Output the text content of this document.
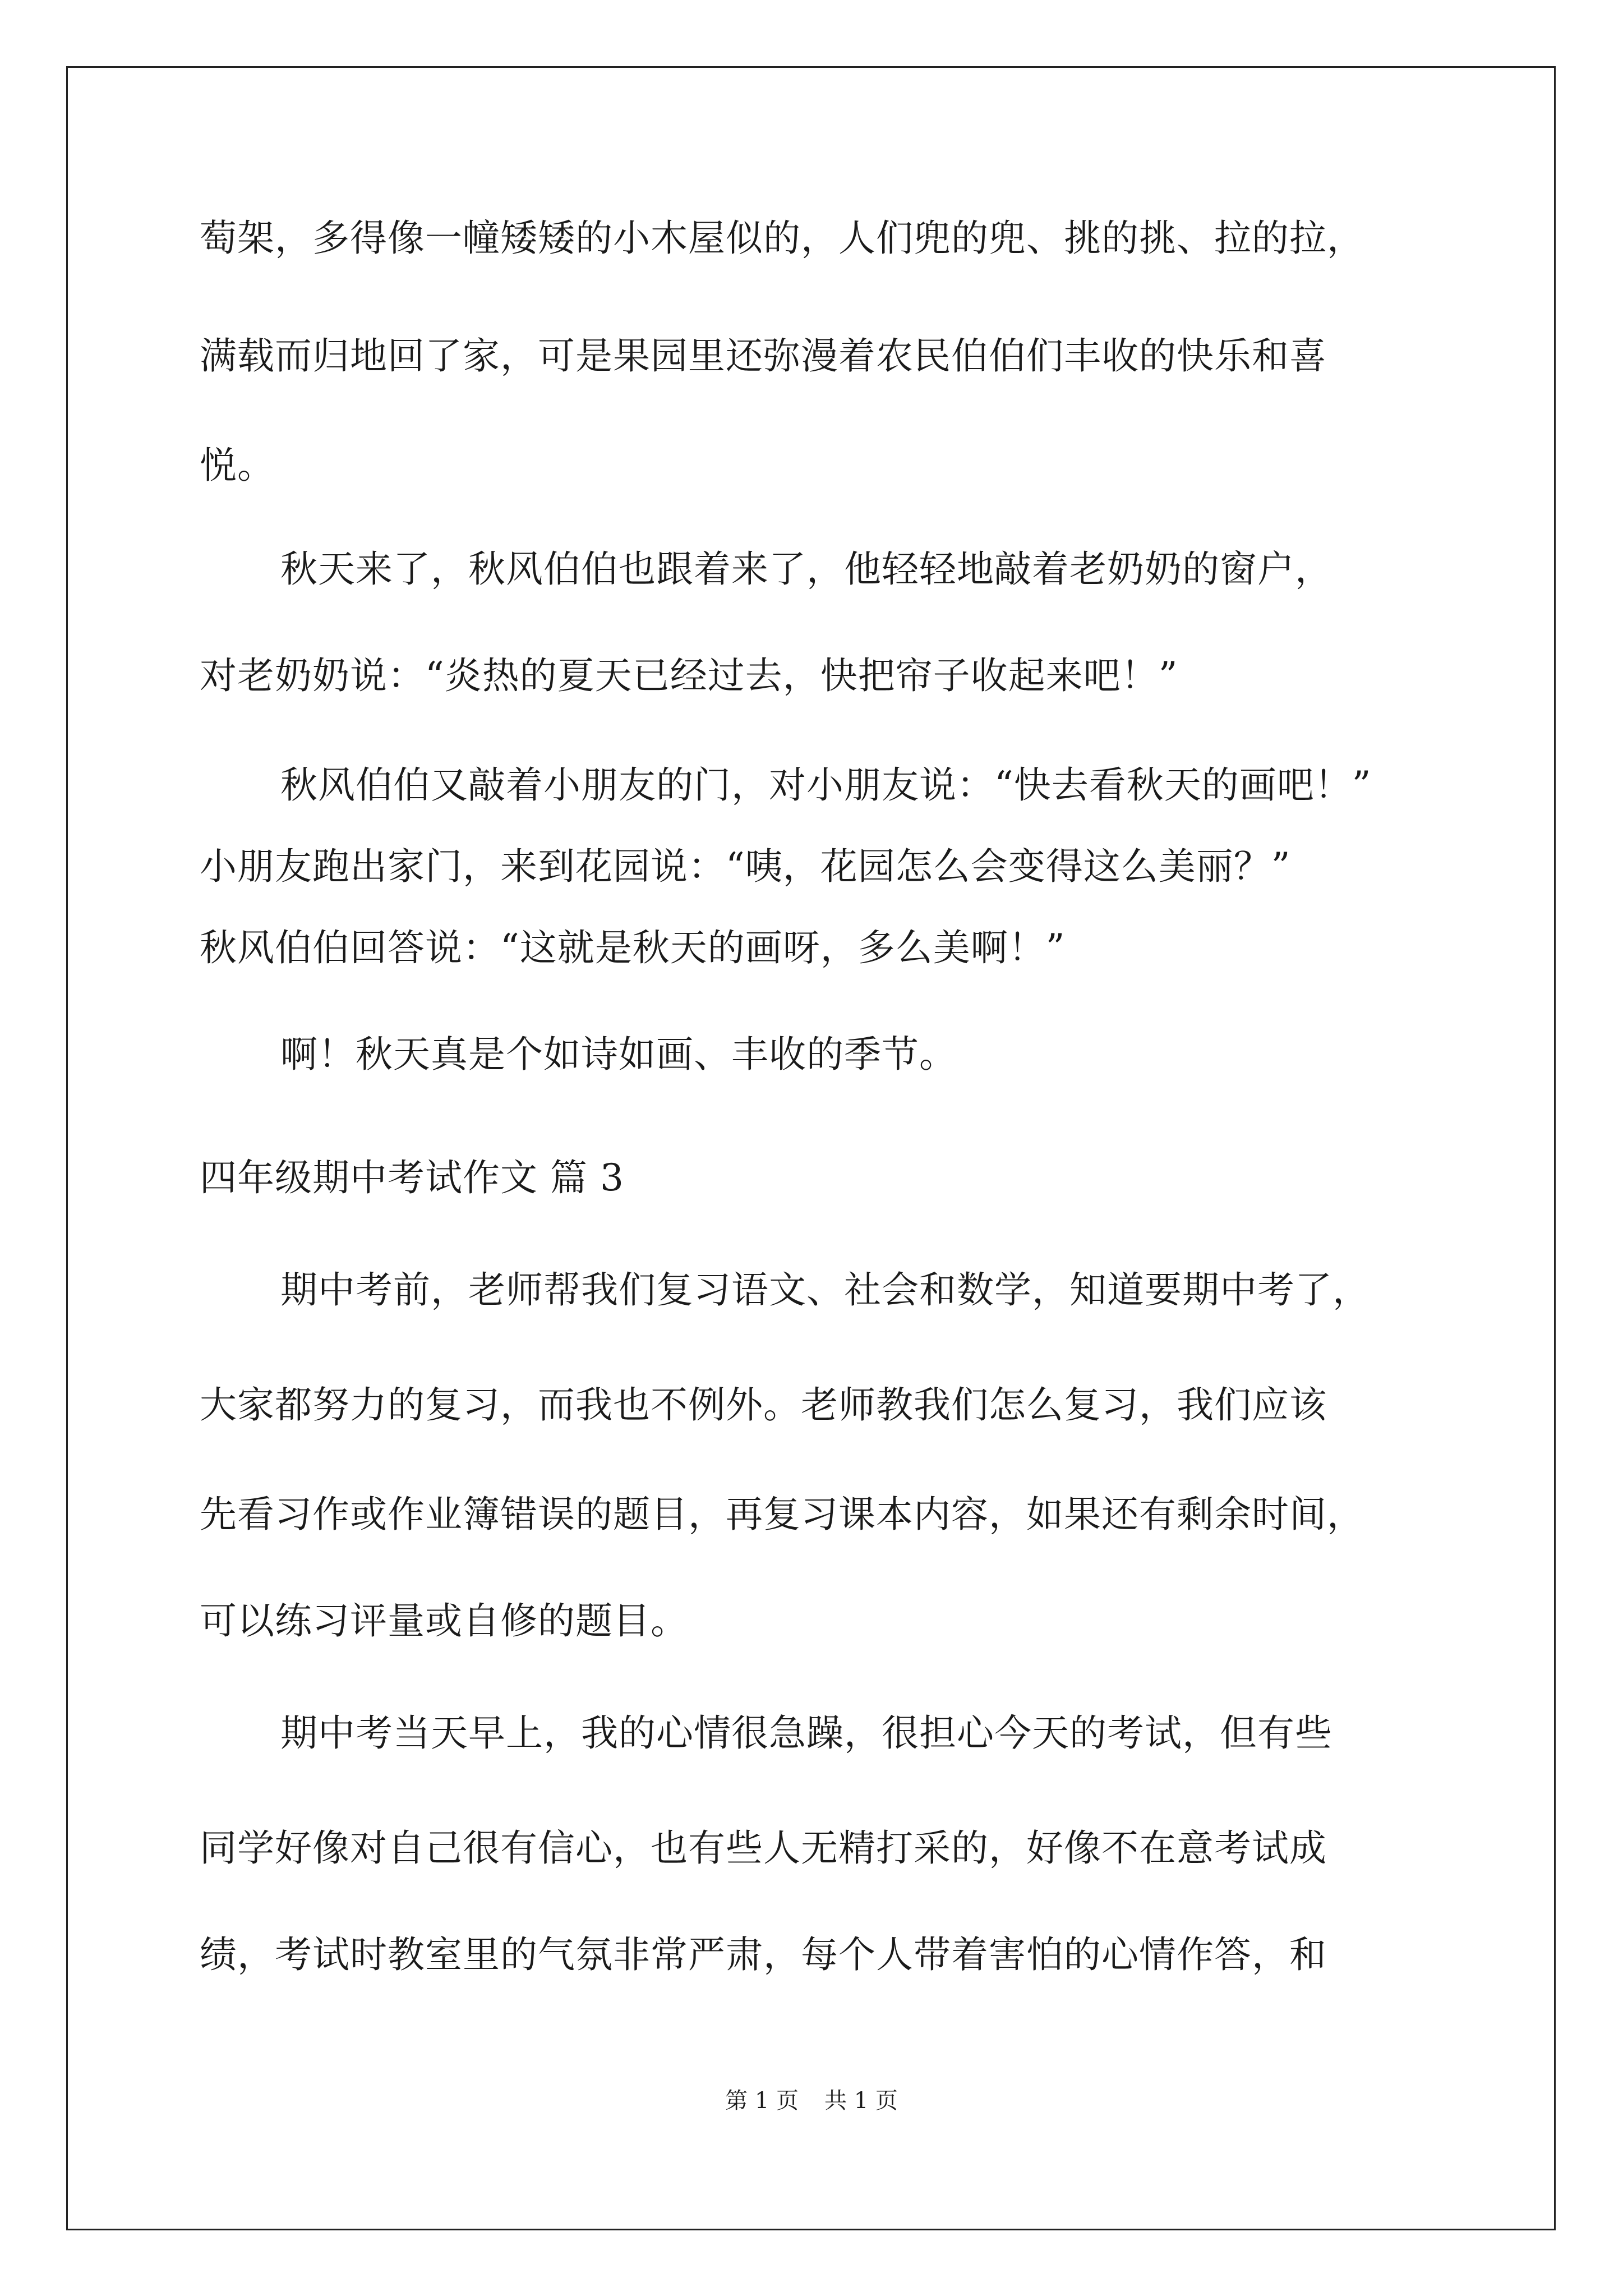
萄架，多得像一幢矮矮的小木屋似的，人们兜的兜、挑的挑、拉的拉，
满载而归地回了家，可是果园里还弥漫着农民伯伯们丰收的快乐和喜
悦。
秋天来了，秋风伯伯也跟着来了，他轻轻地敲着老奶奶的窗户，
对老奶奶说：“炎热的夏天已经过去，快把帘子收起来吧！”
秋风伯伯又敲着小朋友的门，对小朋友说：“快去看秋天的画吧！”
小朋友跑出家门，来到花园说：“咦，花园怎么会变得这么美丽？”
秋风伯伯回答说：“这就是秋天的画呀，多么美啊！”
啊！秋天真是个如诗如画、丰收的季节。
四年级期中考试作文 篇 3
期中考前，老师帮我们复习语文、社会和数学，知道要期中考了，
大家都努力的复习，而我也不例外。老师教我们怎么复习，我们应该
先看习作或作业簿错误的题目，再复习课本内容，如果还有剩余时间，
可以练习评量或自修的题目。
期中考当天早上，我的心情很急躁，很担心今天的考试，但有些
同学好像对自己很有信心，也有些人无精打采的，好像不在意考试成
绩，考试时教室里的气氛非常严肃，每个人带着害怕的心情作答，和
第 1 页 共 1 页
